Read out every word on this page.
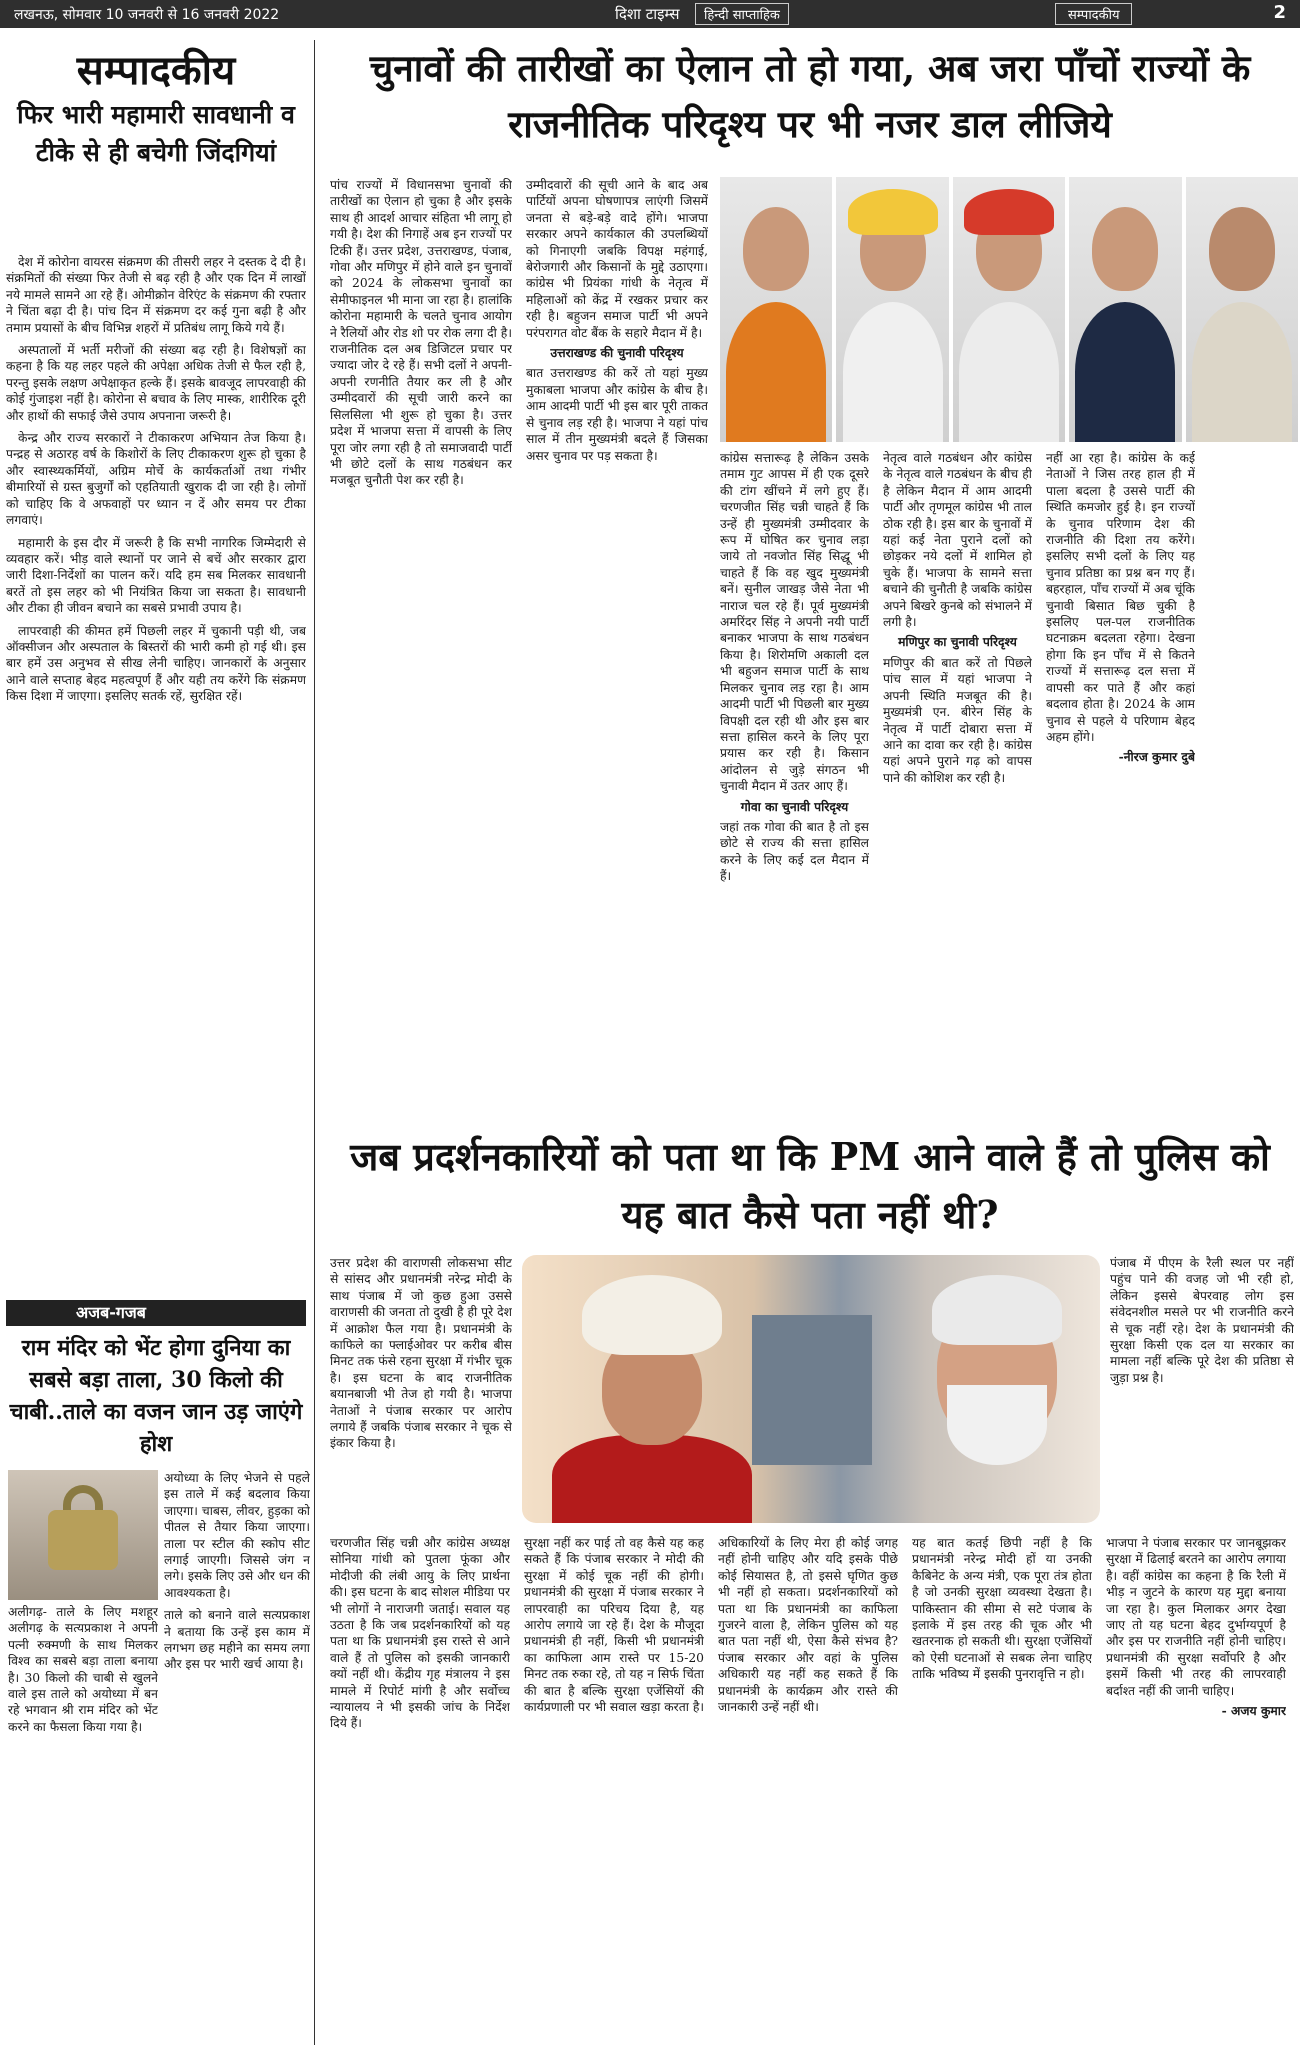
लखनऊ, सोमवार 10 जनवरी से 16 जनवरी 2022	दिशा टाइम्स	हिन्दी साप्ताहिक	सम्पादकीय	2
सम्पादकीय
फिर भारी महामारी सावधानी व टीके से ही बचेगी जिंदगियां

देश में कोरोना वायरस संक्रमण की तीसरी लहर ने दस्तक दे दी है। संक्रमितों की संख्या फिर तेजी से बढ़ रही है और एक दिन में लाखों नये मामले सामने आ रहे हैं। ओमीक्रोन वेरिएंट के संक्रमण की रफ्तार ने चिंता बढ़ा दी है। पांच दिन में संक्रमण दर कई गुना बढ़ी है और तमाम प्रयासों के बीच विभिन्न शहरों में प्रतिबंध लागू किये गये हैं।

अस्पतालों में भर्ती मरीजों की संख्या बढ़ रही है। विशेषज्ञों का कहना है कि यह लहर पहले की अपेक्षा अधिक तेजी से फैल रही है, परन्तु इसके लक्षण अपेक्षाकृत हल्के हैं। इसके बावजूद लापरवाही की कोई गुंजाइश नहीं है। कोरोना से बचाव के लिए मास्क, शारीरिक दूरी और हाथों की सफाई जैसे उपाय अपनाना जरूरी है।

केन्द्र और राज्य सरकारों ने टीकाकरण अभियान तेज किया है। पन्द्रह से अठारह वर्ष के किशोरों के लिए टीकाकरण शुरू हो चुका है और स्वास्थ्यकर्मियों, अग्रिम मोर्चे के कार्यकर्ताओं तथा गंभीर बीमारियों से ग्रस्त बुजुर्गों को एहतियाती खुराक दी जा रही है। लोगों को चाहिए कि वे अफवाहों पर ध्यान न दें और समय पर टीका लगवाएं।

महामारी के इस दौर में जरूरी है कि सभी नागरिक जिम्मेदारी से व्यवहार करें। भीड़ वाले स्थानों पर जाने से बचें और सरकार द्वारा जारी दिशा-निर्देशों का पालन करें। यदि हम सब मिलकर सावधानी बरतें तो इस लहर को भी नियंत्रित किया जा सकता है। सावधानी और टीका ही जीवन बचाने का सबसे प्रभावी उपाय है।

लापरवाही की कीमत हमें पिछली लहर में चुकानी पड़ी थी, जब ऑक्सीजन और अस्पताल के बिस्तरों की भारी कमी हो गई थी। इस बार हमें उस अनुभव से सीख लेनी चाहिए। जानकारों के अनुसार आने वाले सप्ताह बेहद महत्वपूर्ण हैं और यही तय करेंगे कि संक्रमण किस दिशा में जाएगा। इसलिए सतर्क रहें, सुरक्षित रहें।

अजब-गजब
राम मंदिर को भेंट होगा दुनिया का सबसे बड़ा ताला, 30 किलो की चाबी..ताले का वजन जान उड़ जाएंगे होश

अलीगढ़- ताले के लिए मशहूर अलीगढ़ के सत्यप्रकाश ने अपनी पत्नी रुक्मणी के साथ मिलकर विश्व का सबसे बड़ा ताला बनाया है। 30 किलो की चाबी से खुलने वाले इस ताले को अयोध्या में बन रहे भगवान श्री राम मंदिर को भेंट करने का फैसला किया गया है।

अयोध्या के लिए भेजने से पहले इस ताले में कई बदलाव किया जाएगा। चाबस, लीवर, हुड़का को पीतल से तैयार किया जाएगा। ताला पर स्टील की स्कोप सीट लगाई जाएगी। जिससे जंग न लगे। इसके लिए उसे और धन की आवश्यकता है।

ताले को बनाने वाले सत्यप्रकाश ने बताया कि उन्हें इस काम में लगभग छह महीने का समय लगा और इस पर भारी खर्च आया है।

चुनावों की तारीखों का ऐलान तो हो गया, अब जरा पाँचों राज्यों के राजनीतिक परिदृश्य पर भी नजर डाल लीजिये
पांच राज्यों में विधानसभा चुनावों की तारीखों का ऐलान हो चुका है और इसके साथ ही आदर्श आचार संहिता भी लागू हो गयी है। देश की निगाहें अब इन राज्यों पर टिकी हैं। उत्तर प्रदेश, उत्तराखण्ड, पंजाब, गोवा और मणिपुर में होने वाले इन चुनावों को 2024 के लोकसभा चुनावों का सेमीफाइनल भी माना जा रहा है। हालांकि कोरोना महामारी के चलते चुनाव आयोग ने रैलियों और रोड शो पर रोक लगा दी है। राजनीतिक दल अब डिजिटल प्रचार पर ज्यादा जोर दे रहे हैं। सभी दलों ने अपनी-अपनी रणनीति तैयार कर ली है और उम्मीदवारों की सूची जारी करने का सिलसिला भी शुरू हो चुका है। उत्तर प्रदेश में भाजपा सत्ता में वापसी के लिए पूरा जोर लगा रही है तो समाजवादी पार्टी भी छोटे दलों के साथ गठबंधन कर मजबूत चुनौती पेश कर रही है।
उम्मीदवारों की सूची आने के बाद अब पार्टियों अपना घोषणापत्र लाएंगी जिसमें जनता से बड़े-बड़े वादे होंगे। भाजपा सरकार अपने कार्यकाल की उपलब्धियों को गिनाएगी जबकि विपक्ष महंगाई, बेरोजगारी और किसानों के मुद्दे उठाएगा। कांग्रेस भी प्रियंका गांधी के नेतृत्व में महिलाओं को केंद्र में रखकर प्रचार कर रही है। बहुजन समाज पार्टी भी अपने परंपरागत वोट बैंक के सहारे मैदान में है।
उत्तराखण्ड की चुनावी परिदृश्य
बात उत्तराखण्ड की करें तो यहां मुख्य मुकाबला भाजपा और कांग्रेस के बीच है। आम आदमी पार्टी भी इस बार पूरी ताकत से चुनाव लड़ रही है। भाजपा ने यहां पांच साल में तीन मुख्यमंत्री बदले हैं जिसका असर चुनाव पर पड़ सकता है।	कांग्रेस सत्तारूढ़ है लेकिन उसके तमाम गुट आपस में ही एक दूसरे की टांग खींचने में लगे हुए हैं। चरणजीत सिंह चन्नी चाहते हैं कि उन्हें ही मुख्यमंत्री उम्मीदवार के रूप में घोषित कर चुनाव लड़ा जाये तो नवजोत सिंह सिद्धू भी चाहते हैं कि वह खुद मुख्यमंत्री बनें। सुनील जाखड़ जैसे नेता भी नाराज चल रहे हैं। पूर्व मुख्यमंत्री अमरिंदर सिंह ने अपनी नयी पार्टी बनाकर भाजपा के साथ गठबंधन किया है। शिरोमणि अकाली दल भी बहुजन समाज पार्टी के साथ मिलकर चुनाव लड़ रहा है। आम आदमी पार्टी भी पिछली बार मुख्य विपक्षी दल रही थी और इस बार सत्ता हासिल करने के लिए पूरा प्रयास कर रही है। किसान आंदोलन से जुड़े संगठन भी चुनावी मैदान में उतर आए हैं।
गोवा का चुनावी परिदृश्य
जहां तक गोवा की बात है तो इस छोटे से राज्य की सत्ता हासिल करने के लिए कई दल मैदान में हैं।
नेतृत्व वाले गठबंधन और कांग्रेस के नेतृत्व वाले गठबंधन के बीच ही है लेकिन मैदान में आम आदमी पार्टी और तृणमूल कांग्रेस भी ताल ठोक रही है। इस बार के चुनावों में यहां कई नेता पुराने दलों को छोड़कर नये दलों में शामिल हो चुके हैं। भाजपा के सामने सत्ता बचाने की चुनौती है जबकि कांग्रेस अपने बिखरे कुनबे को संभालने में लगी है।
मणिपुर का चुनावी परिदृश्य
मणिपुर की बात करें तो पिछले पांच साल में यहां भाजपा ने अपनी स्थिति मजबूत की है। मुख्यमंत्री एन. बीरेन सिंह के नेतृत्व में पार्टी दोबारा सत्ता में आने का दावा कर रही है। कांग्रेस यहां अपने पुराने गढ़ को वापस पाने की कोशिश कर रही है।
नहीं आ रहा है। कांग्रेस के कई नेताओं ने जिस तरह हाल ही में पाला बदला है उससे पार्टी की स्थिति कमजोर हुई है। इन राज्यों के चुनाव परिणाम देश की राजनीति की दिशा तय करेंगे। इसलिए सभी दलों के लिए यह चुनाव प्रतिष्ठा का प्रश्न बन गए हैं। बहरहाल, पाँच राज्यों में अब चूंकि चुनावी बिसात बिछ चुकी है इसलिए पल-पल राजनीतिक घटनाक्रम बदलता रहेगा। देखना होगा कि इन पाँच में से कितने राज्यों में सत्तारूढ़ दल सत्ता में वापसी कर पाते हैं और कहां बदलाव होता है। 2024 के आम चुनाव से पहले ये परिणाम बेहद अहम होंगे।
-नीरज कुमार दुबे
जब प्रदर्शनकारियों को पता था कि PM आने वाले हैं तो पुलिस को यह बात कैसे पता नहीं थी?
उत्तर प्रदेश की वाराणसी लोकसभा सीट से सांसद और प्रधानमंत्री नरेन्द्र मोदी के साथ पंजाब में जो कुछ हुआ उससे वाराणसी की जनता तो दुखी है ही पूरे देश में आक्रोश फैल गया है। प्रधानमंत्री के काफिले का फ्लाईओवर पर करीब बीस मिनट तक फंसे रहना सुरक्षा में गंभीर चूक है। इस घटना के बाद राजनीतिक बयानबाजी भी तेज हो गयी है। भाजपा नेताओं ने पंजाब सरकार पर आरोप लगाये हैं जबकि पंजाब सरकार ने चूक से इंकार किया है।
पंजाब में पीएम के रैली स्थल पर नहीं पहुंच पाने की वजह जो भी रही हो, लेकिन इससे बेपरवाह लोग इस संवेदनशील मसले पर भी राजनीति करने से चूक नहीं रहे। देश के प्रधानमंत्री की सुरक्षा किसी एक दल या सरकार का मामला नहीं बल्कि पूरे देश की प्रतिष्ठा से जुड़ा प्रश्न है।
चरणजीत सिंह चन्नी और कांग्रेस अध्यक्ष सोनिया गांधी को पुतला फूंका और मोदीजी की लंबी आयु के लिए प्रार्थना की। इस घटना के बाद सोशल मीडिया पर भी लोगों ने नाराजगी जताई। सवाल यह उठता है कि जब प्रदर्शनकारियों को यह पता था कि प्रधानमंत्री इस रास्ते से आने वाले हैं तो पुलिस को इसकी जानकारी क्यों नहीं थी। केंद्रीय गृह मंत्रालय ने इस मामले में रिपोर्ट मांगी है और सर्वोच्च न्यायालय ने भी इसकी जांच के निर्देश दिये हैं।
सुरक्षा नहीं कर पाई तो वह कैसे यह कह सकते हैं कि पंजाब सरकार ने मोदी की सुरक्षा में कोई चूक नहीं की होगी। प्रधानमंत्री की सुरक्षा में पंजाब सरकार ने लापरवाही का परिचय दिया है, यह आरोप लगाये जा रहे हैं। देश के मौजूदा प्रधानमंत्री ही नहीं, किसी भी प्रधानमंत्री का काफिला आम रास्ते पर 15-20 मिनट तक रुका रहे, तो यह न सिर्फ चिंता की बात है बल्कि सुरक्षा एजेंसियों की कार्यप्रणाली पर भी सवाल खड़ा करता है।
अधिकारियों के लिए मेरा ही कोई जगह नहीं होनी चाहिए और यदि इसके पीछे कोई सियासत है, तो इससे घृणित कुछ भी नहीं हो सकता। प्रदर्शनकारियों को पता था कि प्रधानमंत्री का काफिला गुजरने वाला है, लेकिन पुलिस को यह बात पता नहीं थी, ऐसा कैसे संभव है? पंजाब सरकार और वहां के पुलिस अधिकारी यह नहीं कह सकते हैं कि प्रधानमंत्री के कार्यक्रम और रास्ते की जानकारी उन्हें नहीं थी।
यह बात कतई छिपी नहीं है कि प्रधानमंत्री नरेन्द्र मोदी हों या उनकी कैबिनेट के अन्य मंत्री, एक पूरा तंत्र होता है जो उनकी सुरक्षा व्यवस्था देखता है। पाकिस्तान की सीमा से सटे पंजाब के इलाके में इस तरह की चूक और भी खतरनाक हो सकती थी। सुरक्षा एजेंसियों को ऐसी घटनाओं से सबक लेना चाहिए ताकि भविष्य में इसकी पुनरावृत्ति न हो।
भाजपा ने पंजाब सरकार पर जानबूझकर सुरक्षा में ढिलाई बरतने का आरोप लगाया है। वहीं कांग्रेस का कहना है कि रैली में भीड़ न जुटने के कारण यह मुद्दा बनाया जा रहा है। कुल मिलाकर अगर देखा जाए तो यह घटना बेहद दुर्भाग्यपूर्ण है और इस पर राजनीति नहीं होनी चाहिए। प्रधानमंत्री की सुरक्षा सर्वोपरि है और इसमें किसी भी तरह की लापरवाही बर्दाश्त नहीं की जानी चाहिए।
- अजय कुमार
